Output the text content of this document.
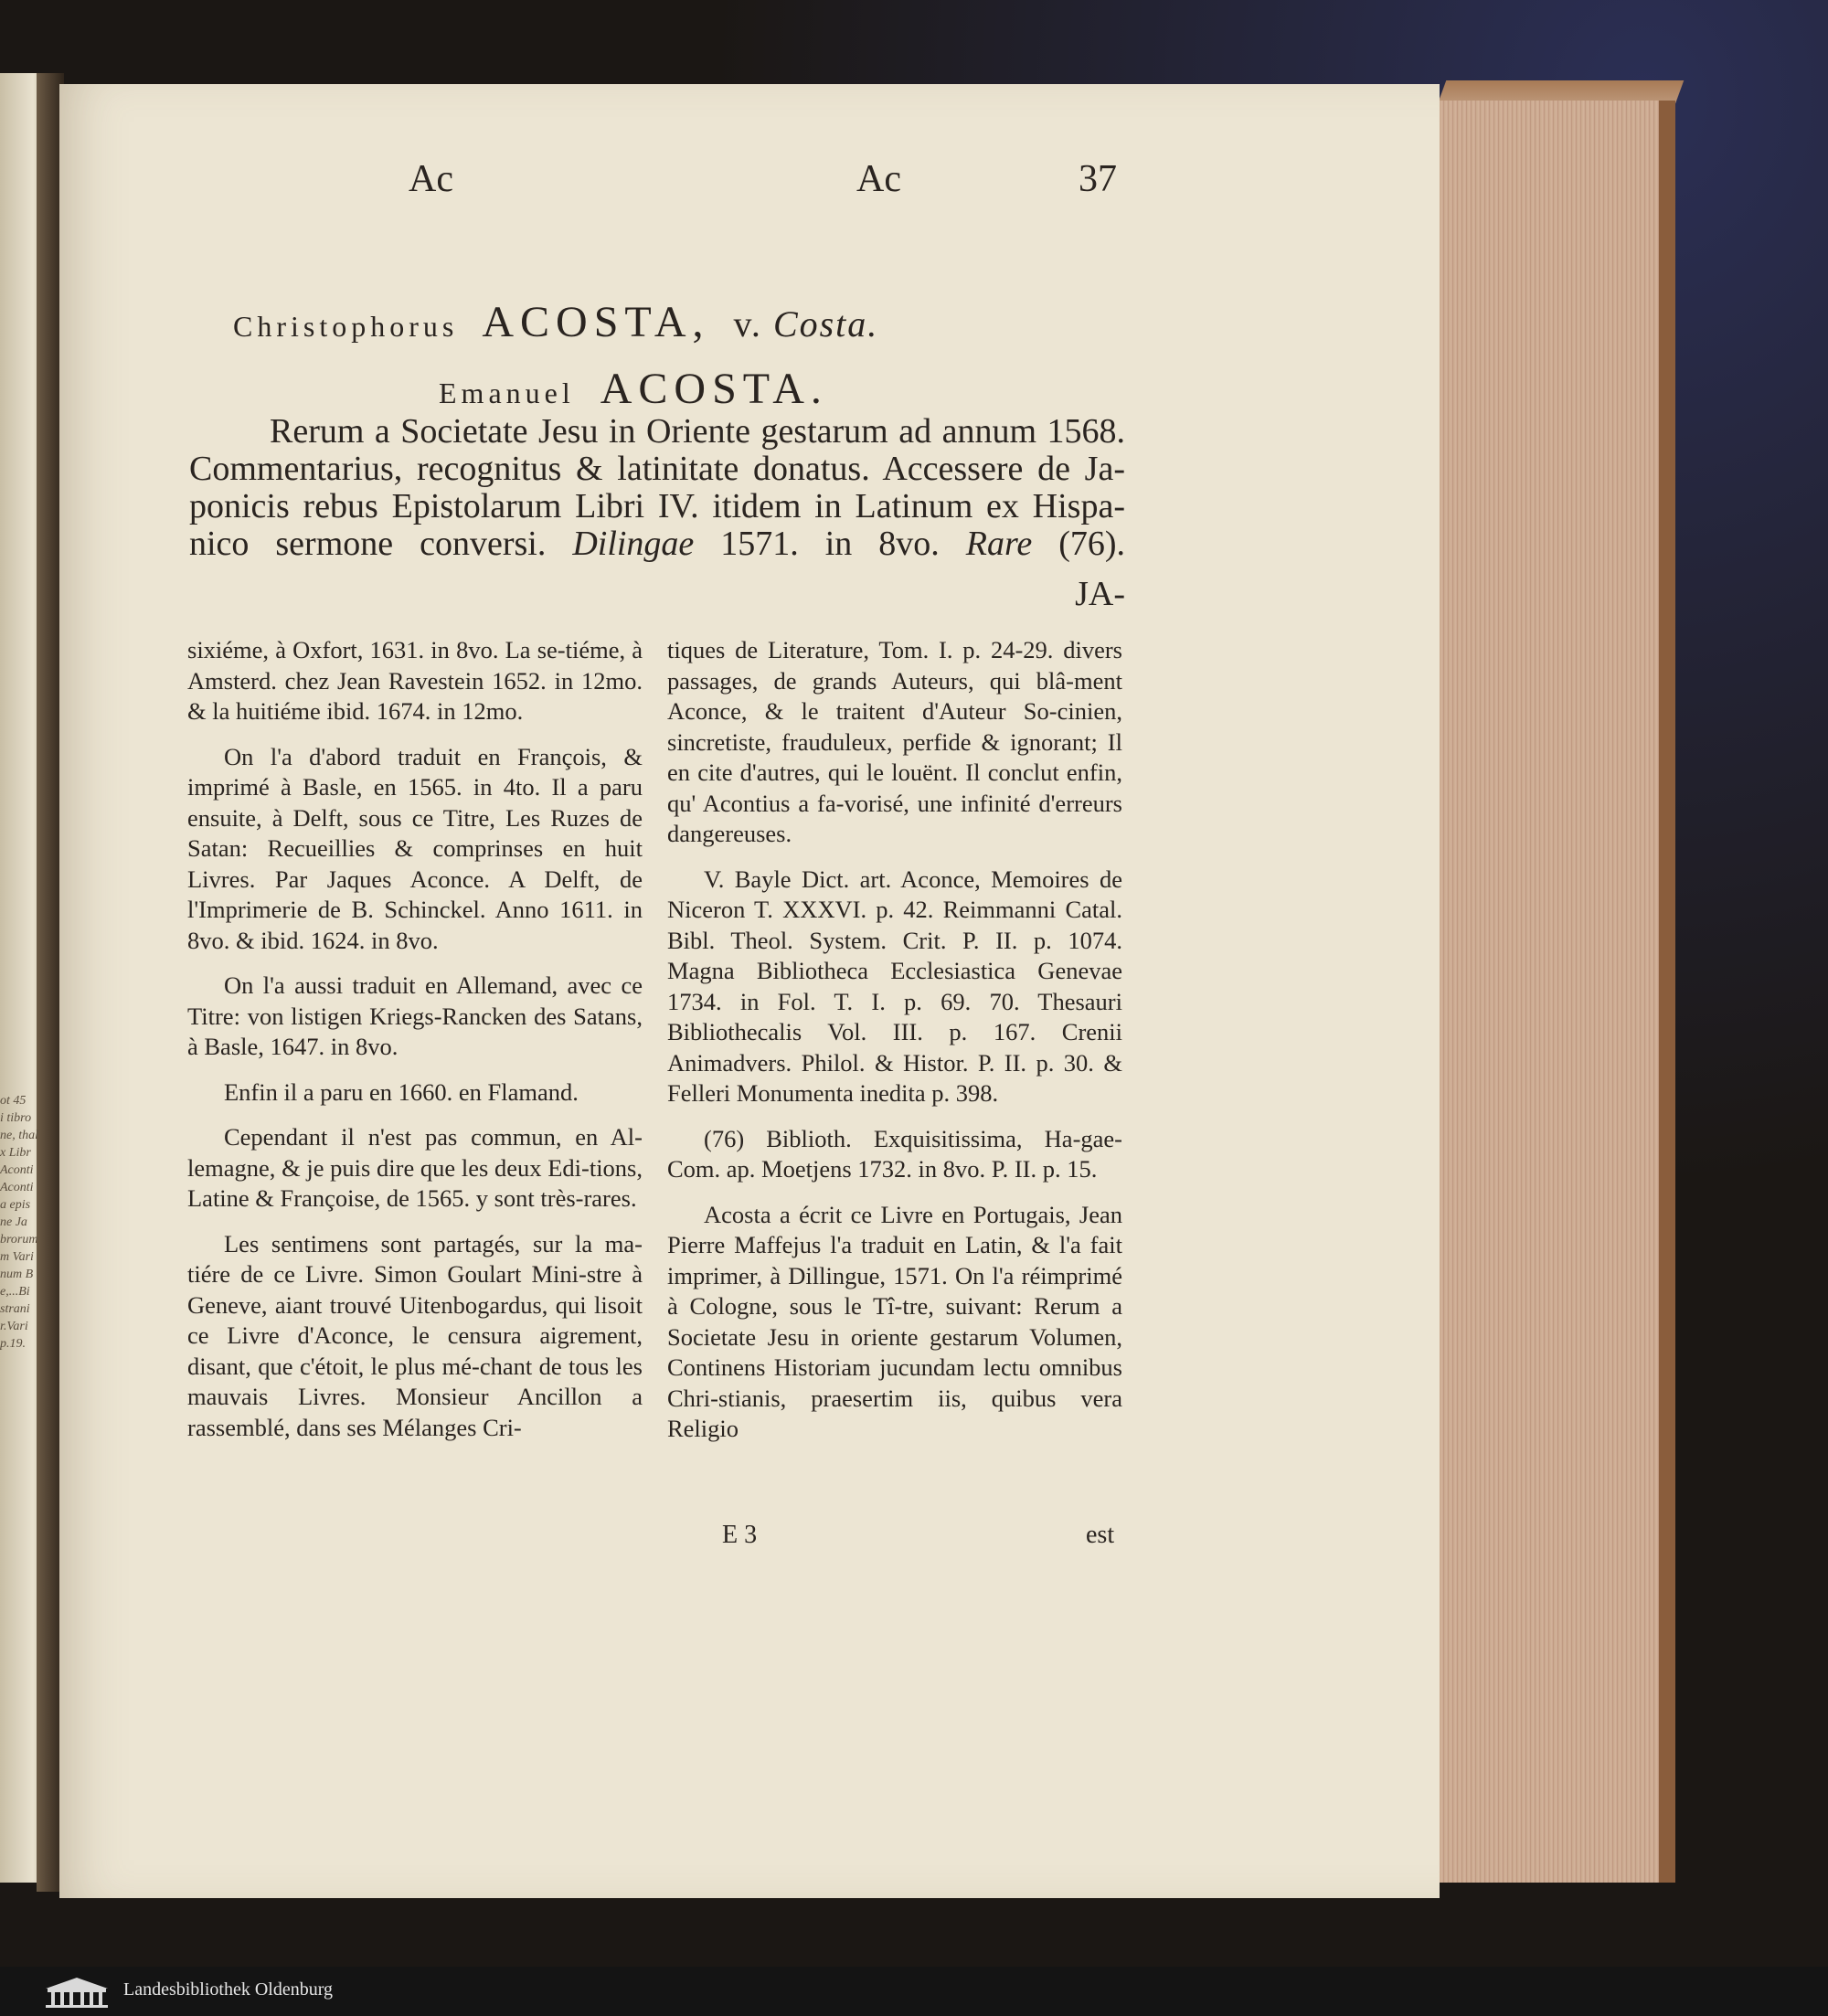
ot 45
i tibro
ne, thal
x Libr
Aconti
Aconti
a epis
ne Ja
brorum
m Vari
num B
e,...Bi
strani
r.Vari
p.19.
Ac	Ac	37
Christophorus ACOSTA, v. Costa.
Emanuel ACOSTA.

Rerum a Societate Jesu in Oriente gestarum ad annum 1568.

Commentarius, recognitus & latinitate donatus. Accessere de Ja-

ponicis rebus Epistolarum Libri IV. itidem in Latinum ex Hispa-

nico sermone conversi. Dilingae 1571. in 8vo. Rare (76).

JA-

sixiéme, à Oxfort, 1631. in 8vo. La se-tiéme, à Amsterd. chez Jean Ravestein 1652. in 12mo. & la huitiéme ibid. 1674. in 12mo.

On l'a d'abord traduit en François, & imprimé à Basle, en 1565. in 4to. Il a paru ensuite, à Delft, sous ce Titre, Les Ruzes de Satan: Recueillies & comprinses en huit Livres. Par Jaques Aconce. A Delft, de l'Imprimerie de B. Schinckel. Anno 1611. in 8vo. & ibid. 1624. in 8vo.

On l'a aussi traduit en Allemand, avec ce Titre: von listigen Kriegs-Rancken des Satans, à Basle, 1647. in 8vo.

Enfin il a paru en 1660. en Flamand.

Cependant il n'est pas commun, en Al-lemagne, & je puis dire que les deux Edi-tions, Latine & Françoise, de 1565. y sont très-rares.

Les sentimens sont partagés, sur la ma-tiére de ce Livre. Simon Goulart Mini-stre à Geneve, aiant trouvé Uitenbogardus, qui lisoit ce Livre d'Aconce, le censura aigrement, disant, que c'étoit, le plus mé-chant de tous les mauvais Livres. Monsieur Ancillon a rassemblé, dans ses Mélanges Cri-

tiques de Literature, Tom. I. p. 24-29. divers passages, de grands Auteurs, qui blâ-ment Aconce, & le traitent d'Auteur So-cinien, sincretiste, frauduleux, perfide & ignorant; Il en cite d'autres, qui le louënt. Il conclut enfin, qu' Acontius a fa-vorisé, une infinité d'erreurs dangereuses.

V. Bayle Dict. art. Aconce, Memoires de Niceron T. XXXVI. p. 42. Reimmanni Catal. Bibl. Theol. System. Crit. P. II. p. 1074. Magna Bibliotheca Ecclesiastica Genevae 1734. in Fol. T. I. p. 69. 70. Thesauri Bibliothecalis Vol. III. p. 167. Crenii Animadvers. Philol. & Histor. P. II. p. 30. & Felleri Monumenta inedita p. 398.

(76) Biblioth. Exquisitissima, Ha-gae-Com. ap. Moetjens 1732. in 8vo. P. II. p. 15.

Acosta a écrit ce Livre en Portugais, Jean Pierre Maffejus l'a traduit en Latin, & l'a fait imprimer, à Dillingue, 1571. On l'a réimprimé à Cologne, sous le Tî-tre, suivant: Rerum a Societate Jesu in oriente gestarum Volumen, Continens Historiam jucundam lectu omnibus Chri-stianis, praesertim iis, quibus vera Religio

E 3	est
Landesbibliothek Oldenburg
